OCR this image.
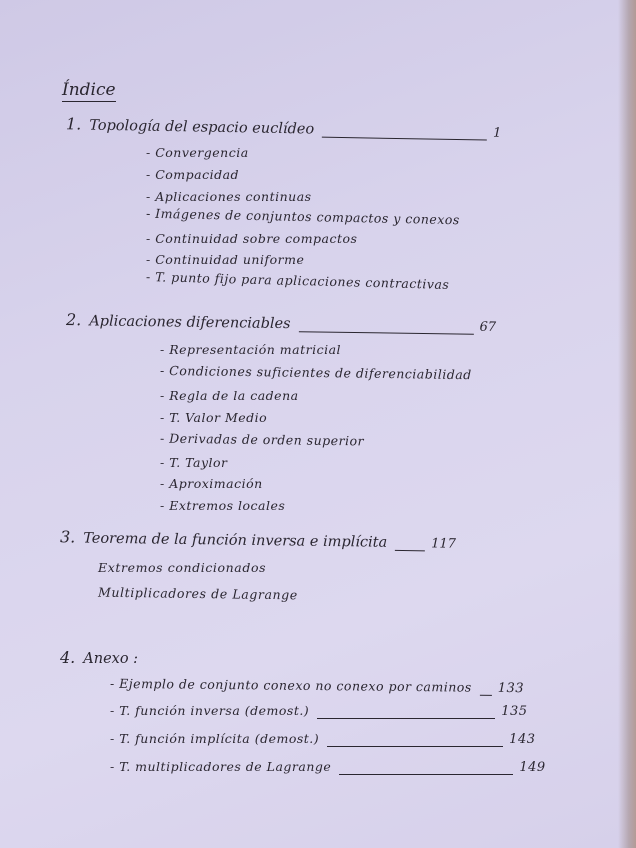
Índice
1. Topología del espacio euclídeo	1
- Convergencia
- Compacidad
- Aplicaciones continuas
- Imágenes de conjuntos compactos y conexos
- Continuidad sobre compactos
- Continuidad uniforme
- T. punto fijo para aplicaciones contractivas
2. Aplicaciones diferenciables	67
- Representación matricial
- Condiciones suficientes de diferenciabilidad
- Regla de la cadena
- T. Valor Medio
- Derivadas de orden superior
- T. Taylor
- Aproximación
- Extremos locales
3. Teorema de la función inversa e implícita	117
Extremos condicionados
Multiplicadores de Lagrange
4. Anexo :
- Ejemplo de conjunto conexo no conexo por caminos 133
- T. función inversa (demost.)	135
- T. función implícita (demost.)	143
- T. multiplicadores de Lagrange	149
